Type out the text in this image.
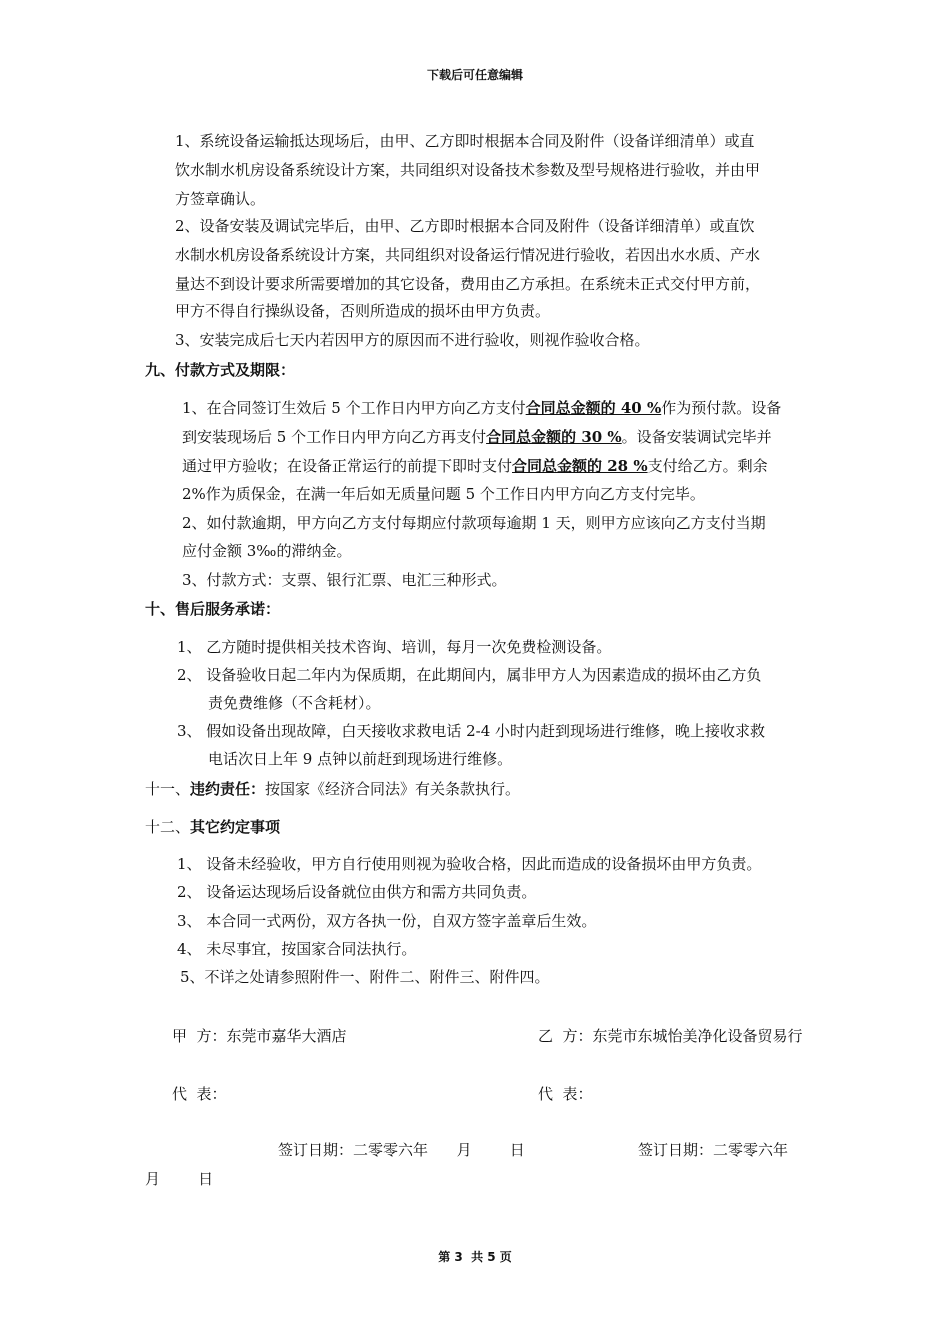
下载后可任意编辑
1、系统设备运输抵达现场后，由甲、乙方即时根据本合同及附件（设备详细清单）或直
饮水制水机房设备系统设计方案，共同组织对设备技术参数及型号规格进行验收，并由甲
方签章确认。
2、设备安装及调试完毕后，由甲、乙方即时根据本合同及附件（设备详细清单）或直饮
水制水机房设备系统设计方案，共同组织对设备运行情况进行验收，若因出水水质、产水
量达不到设计要求所需要增加的其它设备，费用由乙方承担。在系统未正式交付甲方前，
甲方不得自行操纵设备，否则所造成的损坏由甲方负责。
3、安装完成后七天内若因甲方的原因而不进行验收，则视作验收合格。
九、付款方式及期限：
1、在合同签订生效后 5 个工作日内甲方向乙方支付合同总金额的 40 %作为预付款。设备
到安装现场后 5 个工作日内甲方向乙方再支付合同总金额的 30 %。设备安装调试完毕并
通过甲方验收；在设备正常运行的前提下即时支付合同总金额的 28 %支付给乙方。剩余
2%作为质保金，在满一年后如无质量问题 5 个工作日内甲方向乙方支付完毕。
2、如付款逾期，甲方向乙方支付每期应付款项每逾期 1 天，则甲方应该向乙方支付当期
应付金额 3‰的滞纳金。
3、付款方式：支票、银行汇票、电汇三种形式。
十、售后服务承诺：
1、 乙方随时提供相关技术咨询、培训，每月一次免费检测设备。
2、 设备验收日起二年内为保质期，在此期间内，属非甲方人为因素造成的损坏由乙方负
责免费维修（不含耗材）。
3、 假如设备出现故障，白天接收求救电话 2-4 小时内赶到现场进行维修，晚上接收求救
电话次日上年 9 点钟以前赶到现场进行维修。
十一、违约责任：按国家《经济合同法》有关条款执行。
十二、其它约定事项
1、 设备未经验收，甲方自行使用则视为验收合格，因此而造成的设备损坏由甲方负责。
2、 设备运达现场后设备就位由供方和需方共同负责。
3、 本合同一式两份，双方各执一份，自双方签字盖章后生效。
4、 未尽事宜，按国家合同法执行。
5、不详之处请参照附件一、附件二、附件三、附件四。
甲  方：东莞市嘉华大酒店	乙  方：东莞市东城怡美净化设备贸易行
代  表：	代  表：
签订日期：二零零六年      月        日	签订日期：二零零六年
月        日
第 3  共 5 页
